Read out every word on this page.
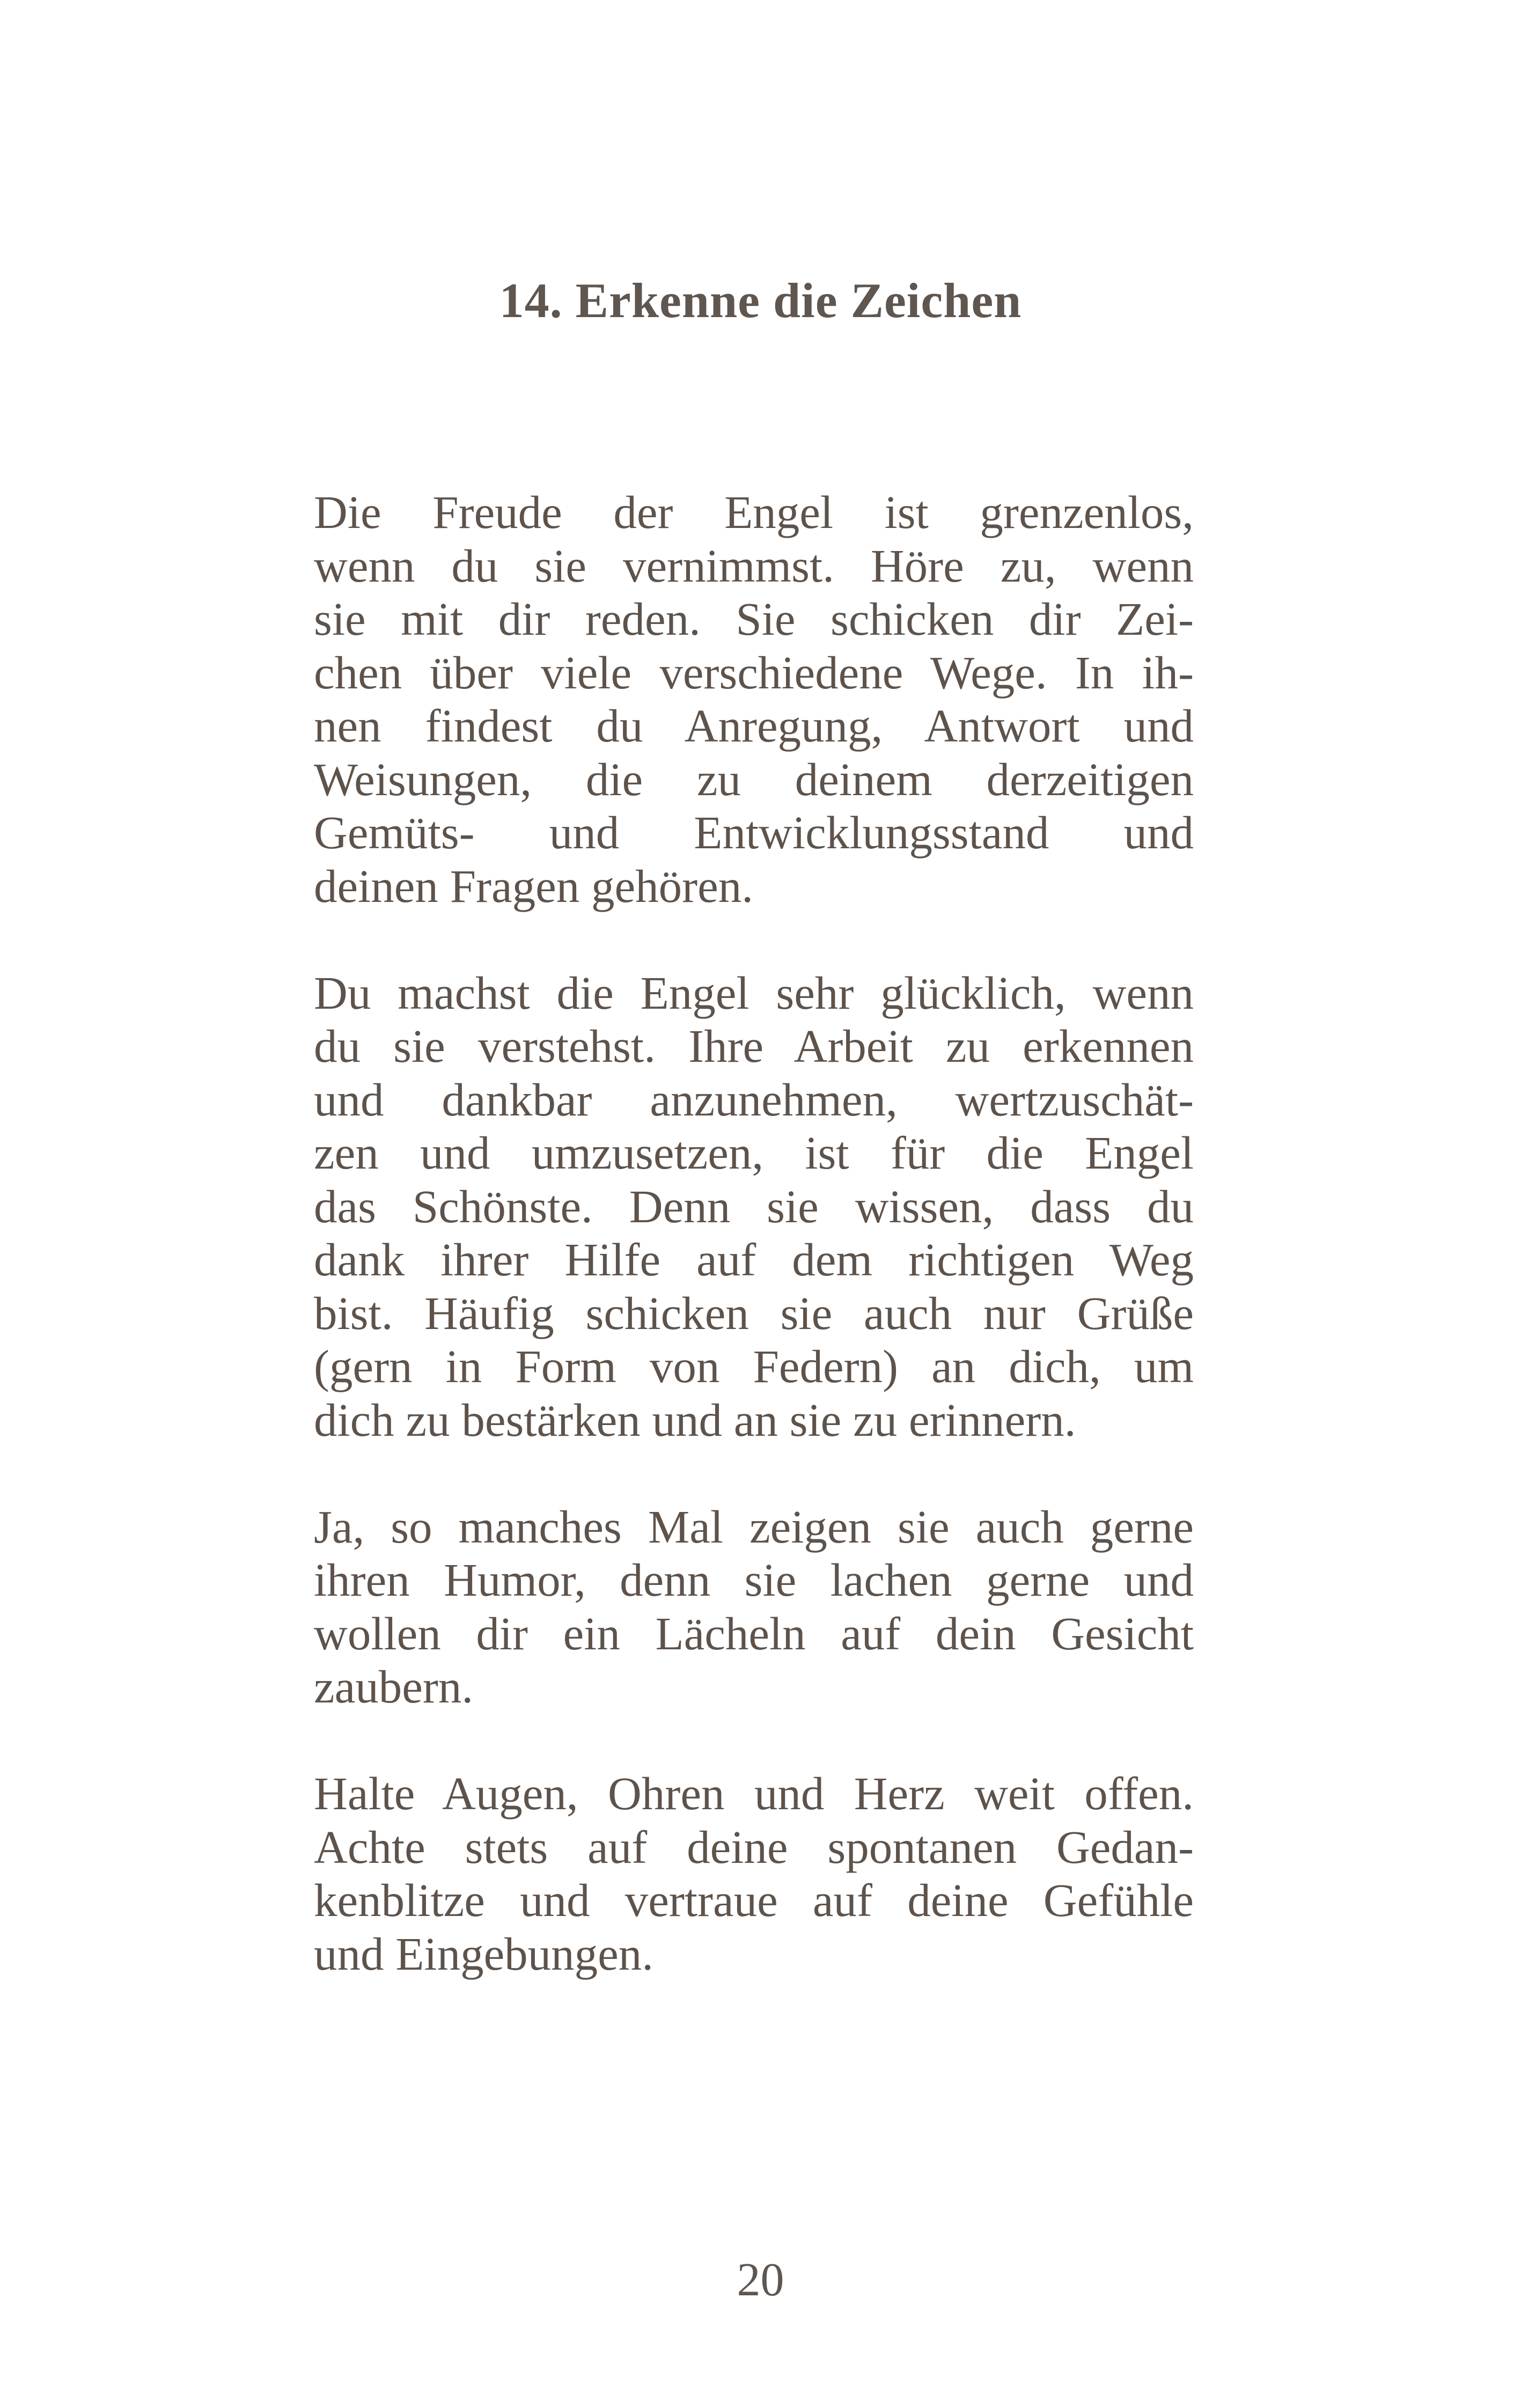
14. Erkenne die Zeichen

Die Freude der Engel ist grenzenlos,
wenn du sie vernimmst. Höre zu, wenn
sie mit dir reden. Sie schicken dir Zei-
chen über viele verschiedene Wege. In ih-
nen findest du Anregung, Antwort und
Weisungen, die zu deinem derzeitigen
Gemüts- und Entwicklungsstand und
deinen Fragen gehören.

Du machst die Engel sehr glücklich, wenn
du sie verstehst. Ihre Arbeit zu erkennen
und dankbar anzunehmen, wertzuschät-
zen und umzusetzen, ist für die Engel
das Schönste. Denn sie wissen, dass du
dank ihrer Hilfe auf dem richtigen Weg
bist. Häufig schicken sie auch nur Grüße
(gern in Form von Federn) an dich, um
dich zu bestärken und an sie zu erinnern.

Ja, so manches Mal zeigen sie auch gerne
ihren Humor, denn sie lachen gerne und
wollen dir ein Lächeln auf dein Gesicht
zaubern.

Halte Augen, Ohren und Herz weit offen.
Achte stets auf deine spontanen Gedan-
kenblitze und vertraue auf deine Gefühle
und Eingebungen.

20
